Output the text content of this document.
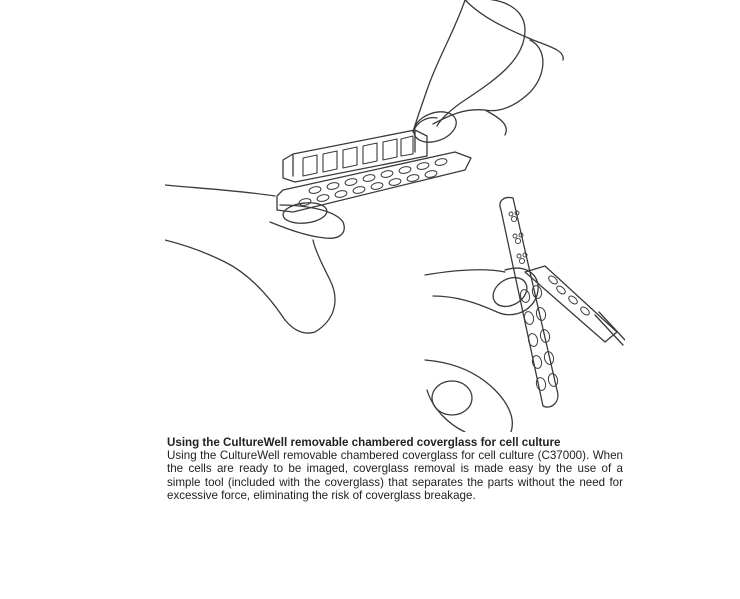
Using the CultureWell removable chambered coverglass for cell culture
Using the CultureWell removable chambered coverglass for cell culture (C37000). When the cells are ready to be imaged, coverglass removal is made easy by the use of a simple tool (included with the coverglass) that separates the parts without the need for excessive force, eliminating the risk of coverglass breakage.
